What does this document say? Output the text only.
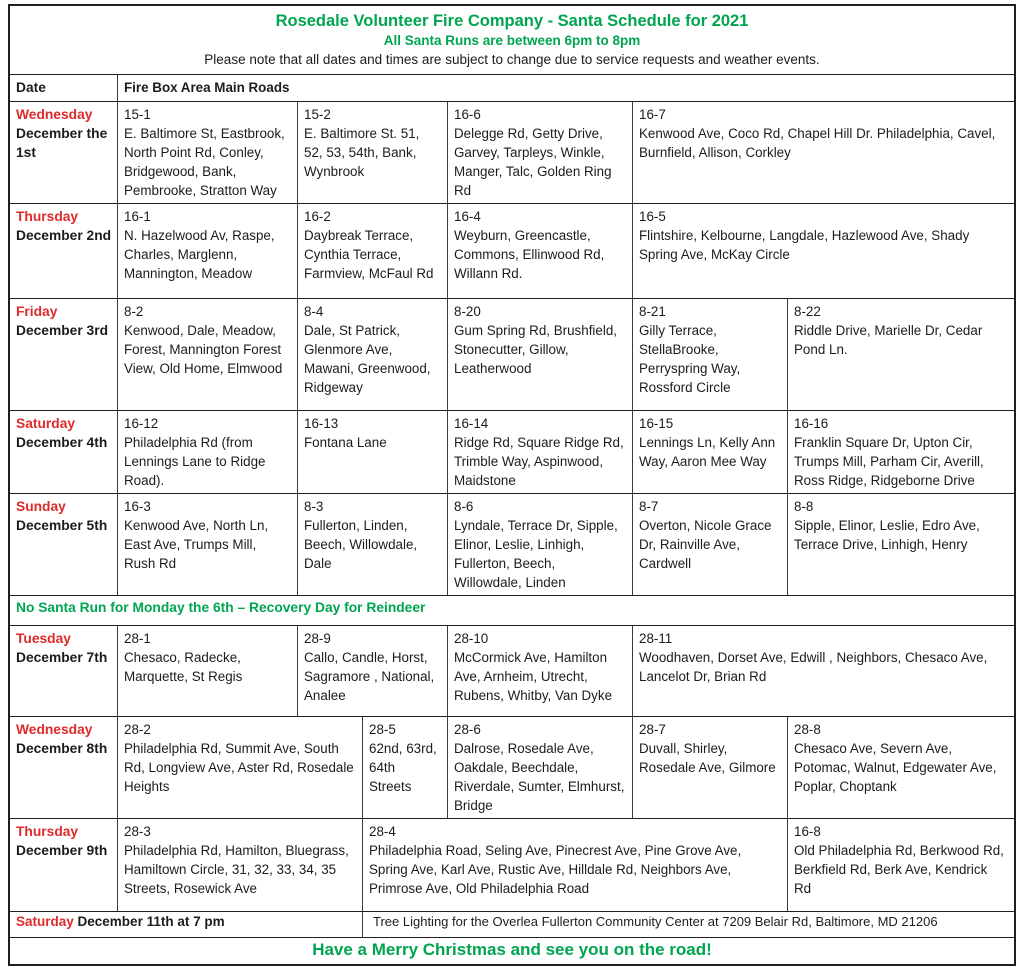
Rosedale Volunteer Fire Company - Santa Schedule for 2021
All Santa Runs are between 6pm to 8pm
Please note that all dates and times are subject to change due to service requests and weather events.
Date	Fire Box Area Main Roads
Wednesday
December the 1st
15-1
E. Baltimore St, Eastbrook, North Point Rd, Conley, Bridgewood, Bank, Pembrooke, Stratton Way
15-2
E. Baltimore St. 51, 52, 53, 54th, Bank, Wynbrook
16-6
Delegge Rd, Getty Drive, Garvey, Tarpleys, Winkle, Manger, Talc, Golden Ring Rd
16-7
Kenwood Ave, Coco Rd, Chapel Hill Dr. Philadelphia, Cavel, Burnfield, Allison, Corkley
Thursday
December 2nd
16-1
N. Hazelwood Av, Raspe, Charles, Marglenn, Mannington, Meadow
16-2
Daybreak Terrace, Cynthia Terrace, Farmview, McFaul Rd
16-4
Weyburn, Greencastle, Commons, Ellinwood Rd, Willann Rd.
16-5
Flintshire, Kelbourne, Langdale, Hazlewood Ave, Shady Spring Ave, McKay Circle
Friday
December 3rd
8-2
Kenwood, Dale, Meadow, Forest, Mannington Forest View, Old Home, Elmwood
8-4
Dale, St Patrick, Glenmore Ave, Mawani, Greenwood, Ridgeway
8-20
Gum Spring Rd, Brushfield, Stonecutter, Gillow, Leatherwood
8-21
Gilly Terrace, StellaBrooke, Perryspring Way, Rossford Circle
8-22
Riddle Drive, Marielle Dr, Cedar Pond Ln.
Saturday
December 4th
16-12
Philadelphia Rd (from Lennings Lane to Ridge Road).
16-13
Fontana Lane
16-14
Ridge Rd, Square Ridge Rd, Trimble Way, Aspinwood, Maidstone
16-15
Lennings Ln, Kelly Ann Way, Aaron Mee Way
16-16
Franklin Square Dr, Upton Cir, Trumps Mill, Parham Cir, Averill, Ross Ridge, Ridgeborne Drive
Sunday
December 5th
16-3
Kenwood Ave, North Ln, East Ave, Trumps Mill, Rush Rd
8-3
Fullerton, Linden, Beech, Willowdale, Dale
8-6
Lyndale, Terrace Dr, Sipple, Elinor, Leslie, Linhigh, Fullerton, Beech, Willowdale, Linden
8-7
Overton, Nicole Grace Dr, Rainville Ave, Cardwell
8-8
Sipple, Elinor, Leslie, Edro Ave, Terrace Drive, Linhigh, Henry
No Santa Run for Monday the 6th – Recovery Day for Reindeer
Tuesday
December 7th
28-1
Chesaco, Radecke, Marquette, St Regis
28-9
Callo, Candle, Horst, Sagramore , National, Analee
28-10
McCormick Ave, Hamilton Ave, Arnheim, Utrecht, Rubens, Whitby, Van Dyke
28-11
Woodhaven, Dorset Ave, Edwill , Neighbors, Chesaco Ave, Lancelot Dr, Brian Rd
Wednesday
December 8th
28-2
Philadelphia Rd, Summit Ave, South Rd, Longview Ave, Aster Rd, Rosedale Heights
28-5
62nd, 63rd, 64th Streets
28-6
Dalrose, Rosedale Ave, Oakdale, Beechdale, Riverdale, Sumter, Elmhurst, Bridge
28-7
Duvall, Shirley, Rosedale Ave, Gilmore
28-8
Chesaco Ave, Severn Ave, Potomac, Walnut, Edgewater Ave, Poplar, Choptank
Thursday
December 9th
28-3
Philadelphia Rd, Hamilton, Bluegrass, Hamiltown Circle, 31, 32, 33, 34, 35 Streets, Rosewick Ave
28-4
Philadelphia Road, Seling Ave, Pinecrest Ave, Pine Grove Ave, Spring Ave, Karl Ave, Rustic Ave, Hilldale Rd, Neighbors Ave, Primrose Ave, Old Philadelphia Road
16-8
Old Philadelphia Rd, Berkwood Rd, Berkfield Rd, Berk Ave, Kendrick Rd
Saturday December 11th at 7 pm	Tree Lighting for the Overlea Fullerton Community Center at 7209 Belair Rd, Baltimore, MD 21206
Have a Merry Christmas and see you on the road!
